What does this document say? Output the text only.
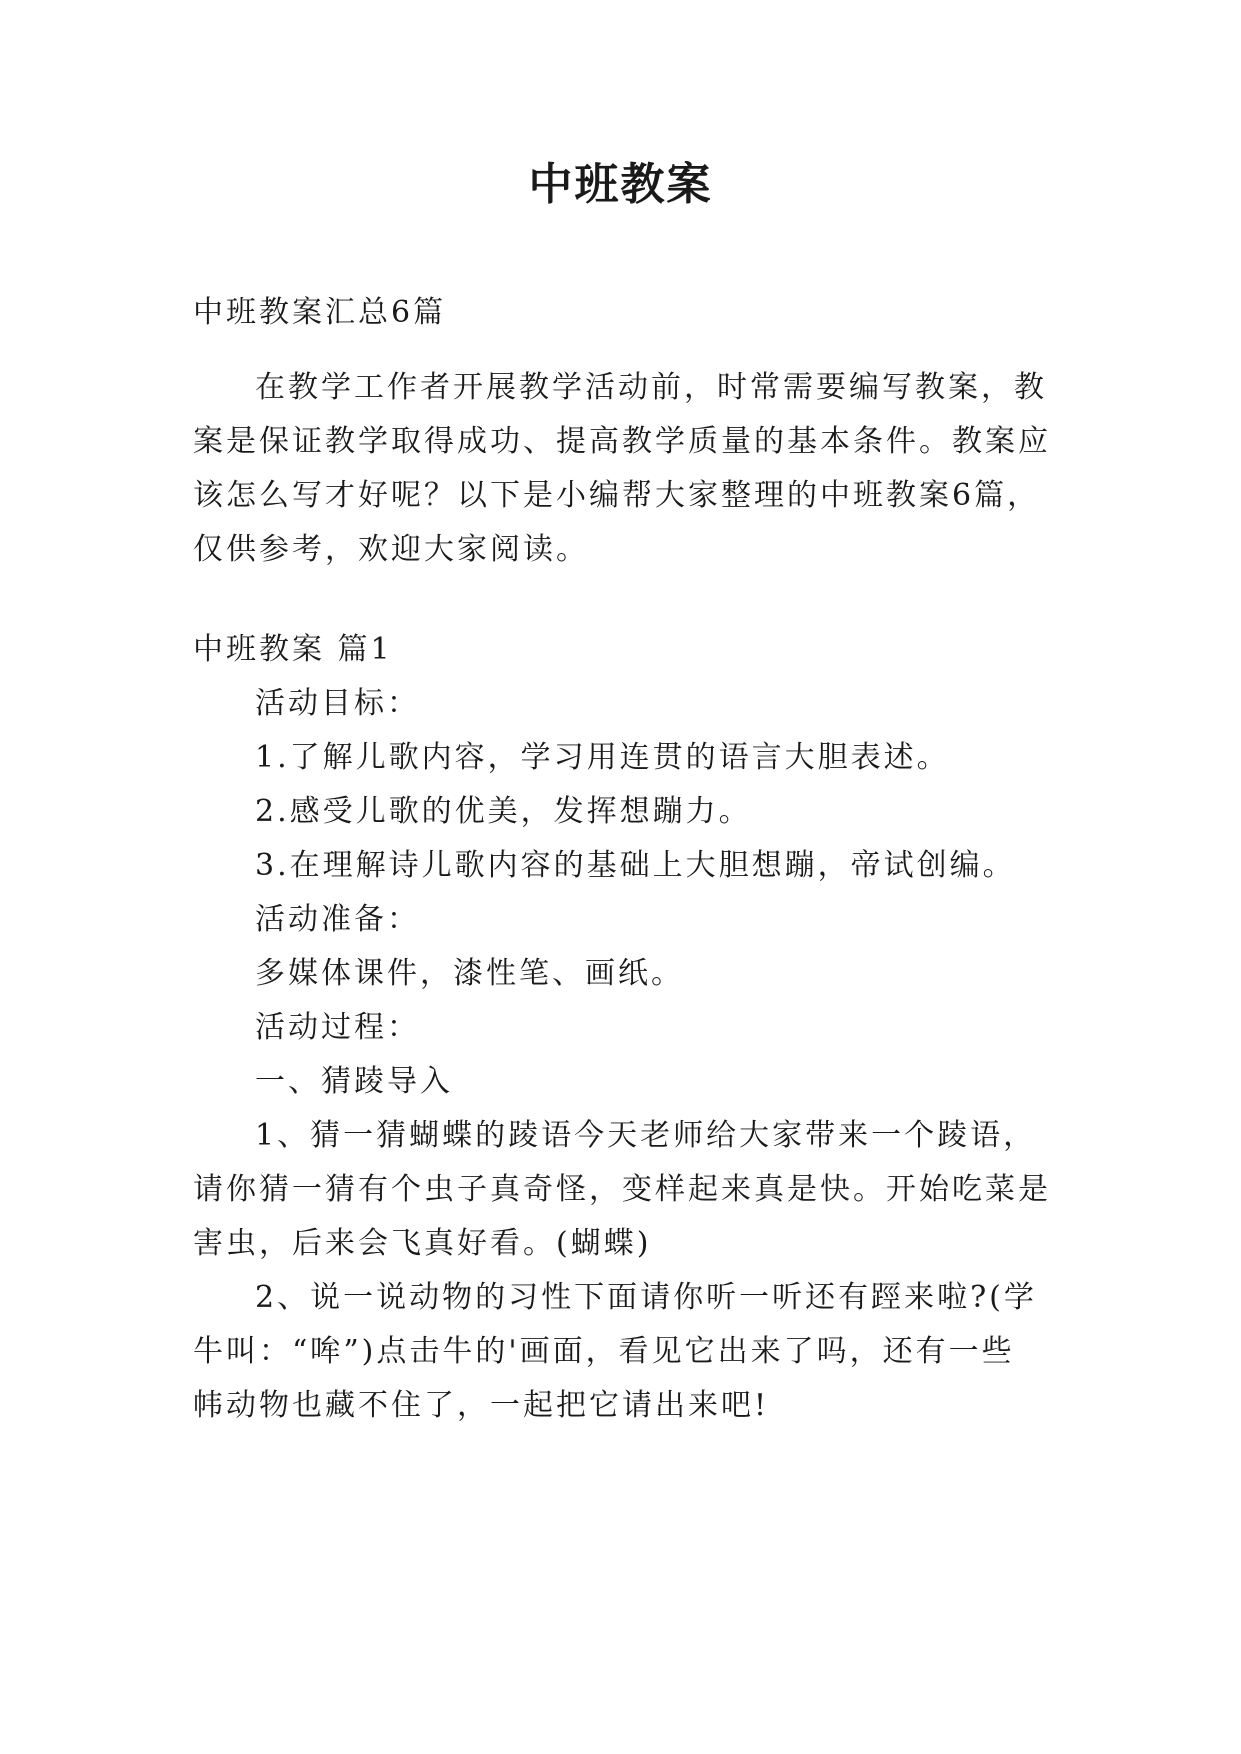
中班教案
中班教案汇总6篇
在教学工作者开展教学活动前，时常需要编写教案，教
案是保证教学取得成功、提高教学质量的基本条件。教案应
该怎么写才好呢？以下是小编帮大家整理的中班教案6篇，
仅供参考，欢迎大家阅读。
中班教案 篇1
活动目标：
1.了解儿歌内容，学习用连贯的语言大胆表述。
2.感受儿歌的优美，发挥想蹦力。
3.在理解诗儿歌内容的基础上大胆想蹦，帝试创编。
活动准备：
多媒体课件，漆性笔、画纸。
活动过程：
一、猜踜导入
1、猜一猜蝴蝶的踜语今天老师给大家带来一个踜语，
请你猜一猜有个虫子真奇怪，变样起来真是快。开始吃菜是
害虫，后来会飞真好看。(蝴蝶)
2、说一说动物的习性下面请你听一听还有踁来啦?(学
牛叫：“哞”)点击牛的'画面，看见它出来了吗，还有一些
帏动物也藏不住了，一起把它请出来吧!
